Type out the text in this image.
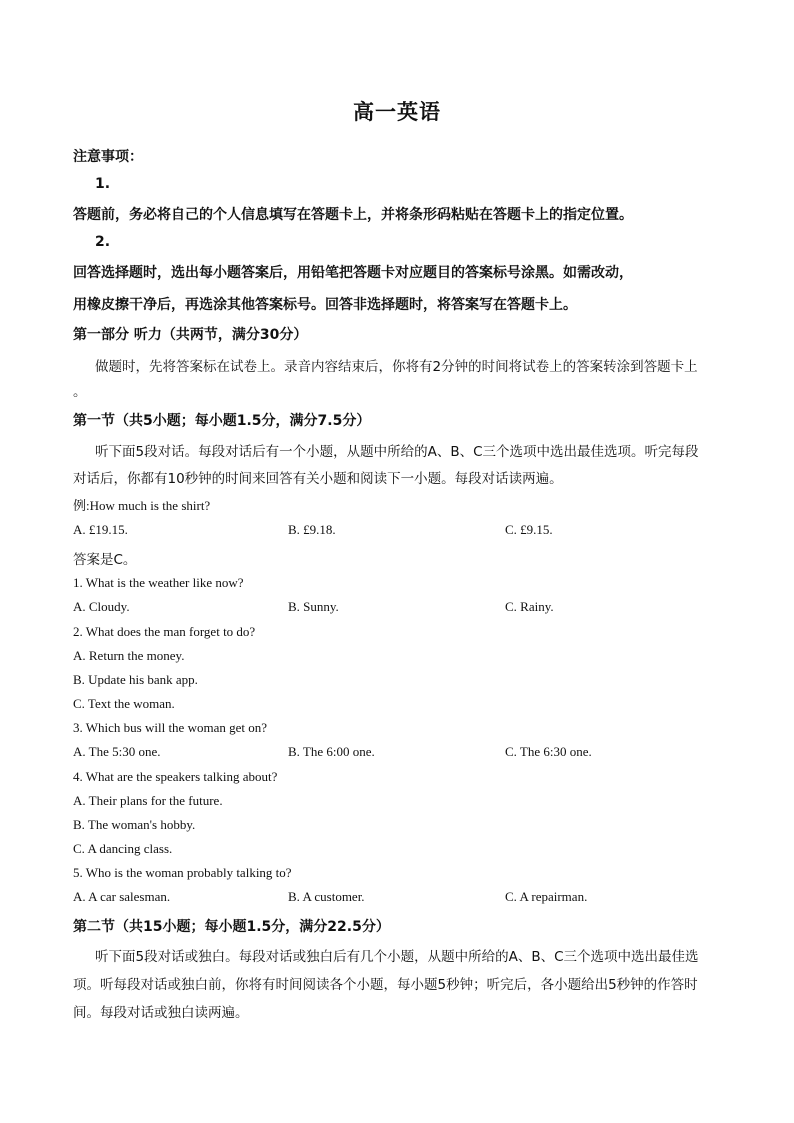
高一英语
注意事项：
1.
答题前，务必将自己的个人信息填写在答题卡上，并将条形码粘贴在答题卡上的指定位置。
2.
回答选择题时，选出每小题答案后，用铅笔把答题卡对应题目的答案标号涂黑。如需改动，
用橡皮擦干净后，再选涂其他答案标号。回答非选择题时，将答案写在答题卡上。
第一部分 听力（共两节，满分30分）
做题时，先将答案标在试卷上。录音内容结束后，你将有2分钟的时间将试卷上的答案转涂到答题卡上
。
第一节（共5小题；每小题1.5分，满分7.5分）
听下面5段对话。每段对话后有一个小题，从题中所给的A、B、C三个选项中选出最佳选项。听完每段
对话后，你都有10秒钟的时间来回答有关小题和阅读下一小题。每段对话读两遍。
例:How much is the shirt?
A. £19.15.	B. £9.18.	C. £9.15.
答案是C。
1. What is the weather like now?
A. Cloudy.	B. Sunny.	C. Rainy.
2. What does the man forget to do?
A. Return the money.
B. Update his bank app.
C. Text the woman.
3. Which bus will the woman get on?
A. The 5:30 one.	B. The 6:00 one.	C. The 6:30 one.
4. What are the speakers talking about?
A. Their plans for the future.
B. The woman's hobby.
C. A dancing class.
5. Who is the woman probably talking to?
A. A car salesman.	B. A customer.	C. A repairman.
第二节（共15小题；每小题1.5分，满分22.5分）
听下面5段对话或独白。每段对话或独白后有几个小题，从题中所给的A、B、C三个选项中选出最佳选
项。听每段对话或独白前，你将有时间阅读各个小题，每小题5秒钟；听完后，各小题给出5秒钟的作答时
间。每段对话或独白读两遍。
